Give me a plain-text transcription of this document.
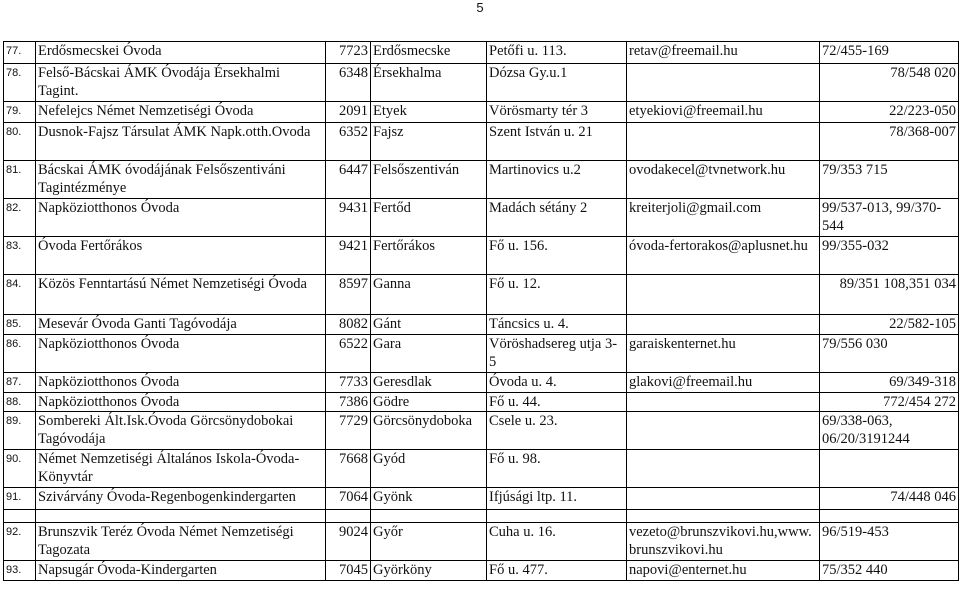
5
77.	Erdősmecskei Óvoda	7723	Erdősmecske	Petőfi u. 113.	retav@freemail.hu	72/455-169
78.	Felső-Bácskai ÁMK Óvodája Érsekhalmi Tagint.	6348	Érsekhalma	Dózsa Gy.u.1		78/548 020
79.	Nefelejcs Német Nemzetiségi Óvoda	2091	Etyek	Vörösmarty tér 3	etyekiovi@freemail.hu	22/223-050
80.	Dusnok-Fajsz Társulat ÁMK Napk.otth.Ovoda	6352	Fajsz	Szent István u. 21		78/368-007
81.	Bácskai ÁMK óvodájának Felsőszentiváni Tagintézménye	6447	Felsőszentiván	Martinovics u.2	ovodakecel@tvnetwork.hu	79/353 715
82.	Napköziotthonos Óvoda	9431	Fertőd	Madách sétány 2	kreiterjoli@gmail.com	99/537-013, 99/370-544
83.	Óvoda Fertőrákos	9421	Fertőrákos	Fő u. 156.	óvoda-fertorakos@aplusnet.hu	99/355-032
84.	Közös Fenntartású Német Nemzetiségi Óvoda	8597	Ganna	Fő u. 12.		89/351 108,351 034
85.	Mesevár Óvoda Ganti Tagóvodája	8082	Gánt	Táncsics u. 4.		22/582-105
86.	Napköziotthonos Óvoda	6522	Gara	Vöröshadsereg utja 3-5	garaiskenternet.hu	79/556 030
87.	Napköziotthonos Óvoda	7733	Geresdlak	Óvoda u. 4.	glakovi@freemail.hu	69/349-318
88.	Napköziotthonos Óvoda	7386	Gödre	Fő u. 44.		772/454 272
89.	Sombereki Ált.Isk.Óvoda Görcsönydobokai Tagóvodája	7729	Görcsönydoboka	Csele u. 23.		69/338-063, 06/20/3191244
90.	Német Nemzetiségi Általános Iskola-Óvoda-Könyvtár	7668	Gyód	Fő u. 98.		
91.	Szivárvány Óvoda-Regenbogenkindergarten	7064	Gyönk	Ifjúsági ltp. 11.		74/448 046

92.	Brunszvik Teréz Óvoda Német Nemzetiségi Tagozata	9024	Győr	Cuha u. 16.	vezeto@brunszvikovi.hu,www.brunszvikovi.hu	96/519-453
93.	Napsugár Óvoda-Kindergarten	7045	Györköny	Fő u. 477.	napovi@enternet.hu	75/352 440
